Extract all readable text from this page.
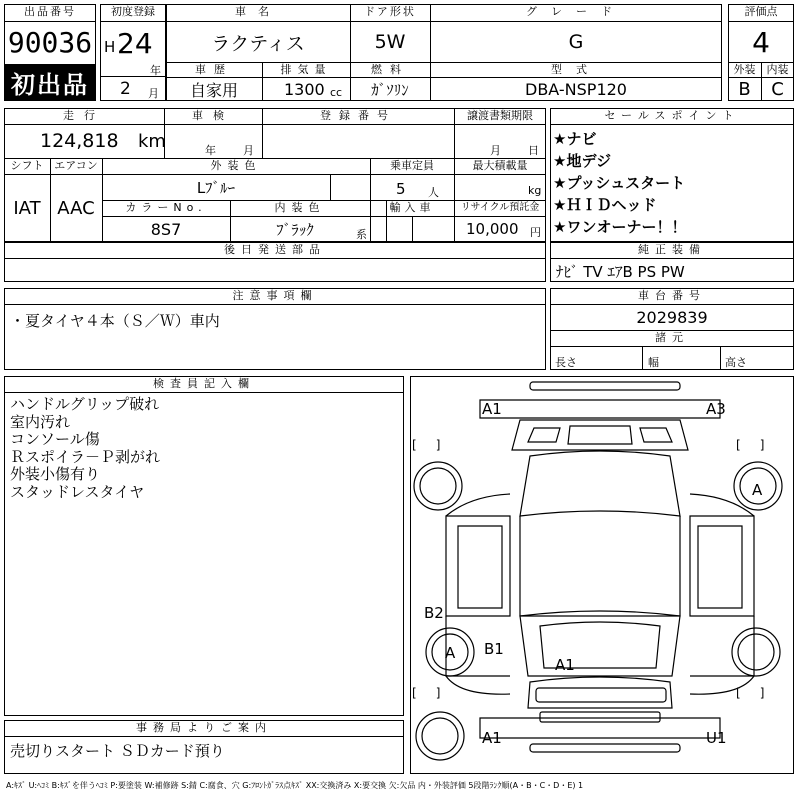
出品番号
90036
初出品
初度登録
H 24
年
2 月
車名
ラクティス
ドア形状
5W
グレード
G
車歴
自家用
排気量
1300 cc
燃料
ｶﾞｿﾘﾝ
型式
DBA-NSP120
評価点
4
外装	内装
B	C
走行
124,818 km
車検
年 月
登録番号	譲渡書類期限
月 日
シフト
IAT
エアコン
AAC
外装色
Lﾌﾞﾙｰ
乗車定員
5 人
最大積載量
kg
カラーNo.
8S7
内装色
ﾌﾞﾗｯｸ	系
輸入車	リサイクル預託金
10,000 円
後日発送部品
セールスポイント
★ナビ
★地デジ
★プッシュスタート
★ＨＩＤヘッド
★ワンオーナー！！
純正装備
ﾅﾋﾞ TV ｴｱB PS PW
注意事項欄
・夏タイヤ４本（Ｓ／Ｗ）車内
車台番号
2029839
諸元
長さ	幅	高さ
検査員記入欄
ハンドルグリップ破れ
室内汚れ
コンソール傷
Ｒスポイラ－Ｐ剥がれ
外装小傷有り
スタッドレスタイヤ
事務局よりご案内
売切りスタート ＳＤカード預り
[     ]	[     ]
[     ]	[     ]
A1	A3
A
B2
A B1
A1
A1	U1
A:ｷｽﾞ U:ﾍｺﾐ B:ｷｽﾞを伴うﾍｺﾐ P:要塗装 W:補修跡 S:錆 C:腐食、穴 G:ﾌﾛﾝﾄｶﾞﾗｽ点ｷｽﾞ XX:交換済み X:要交換 欠:欠品 内・外装評価 5段階ﾗﾝｸ順(A・B・C・D・E) 1
